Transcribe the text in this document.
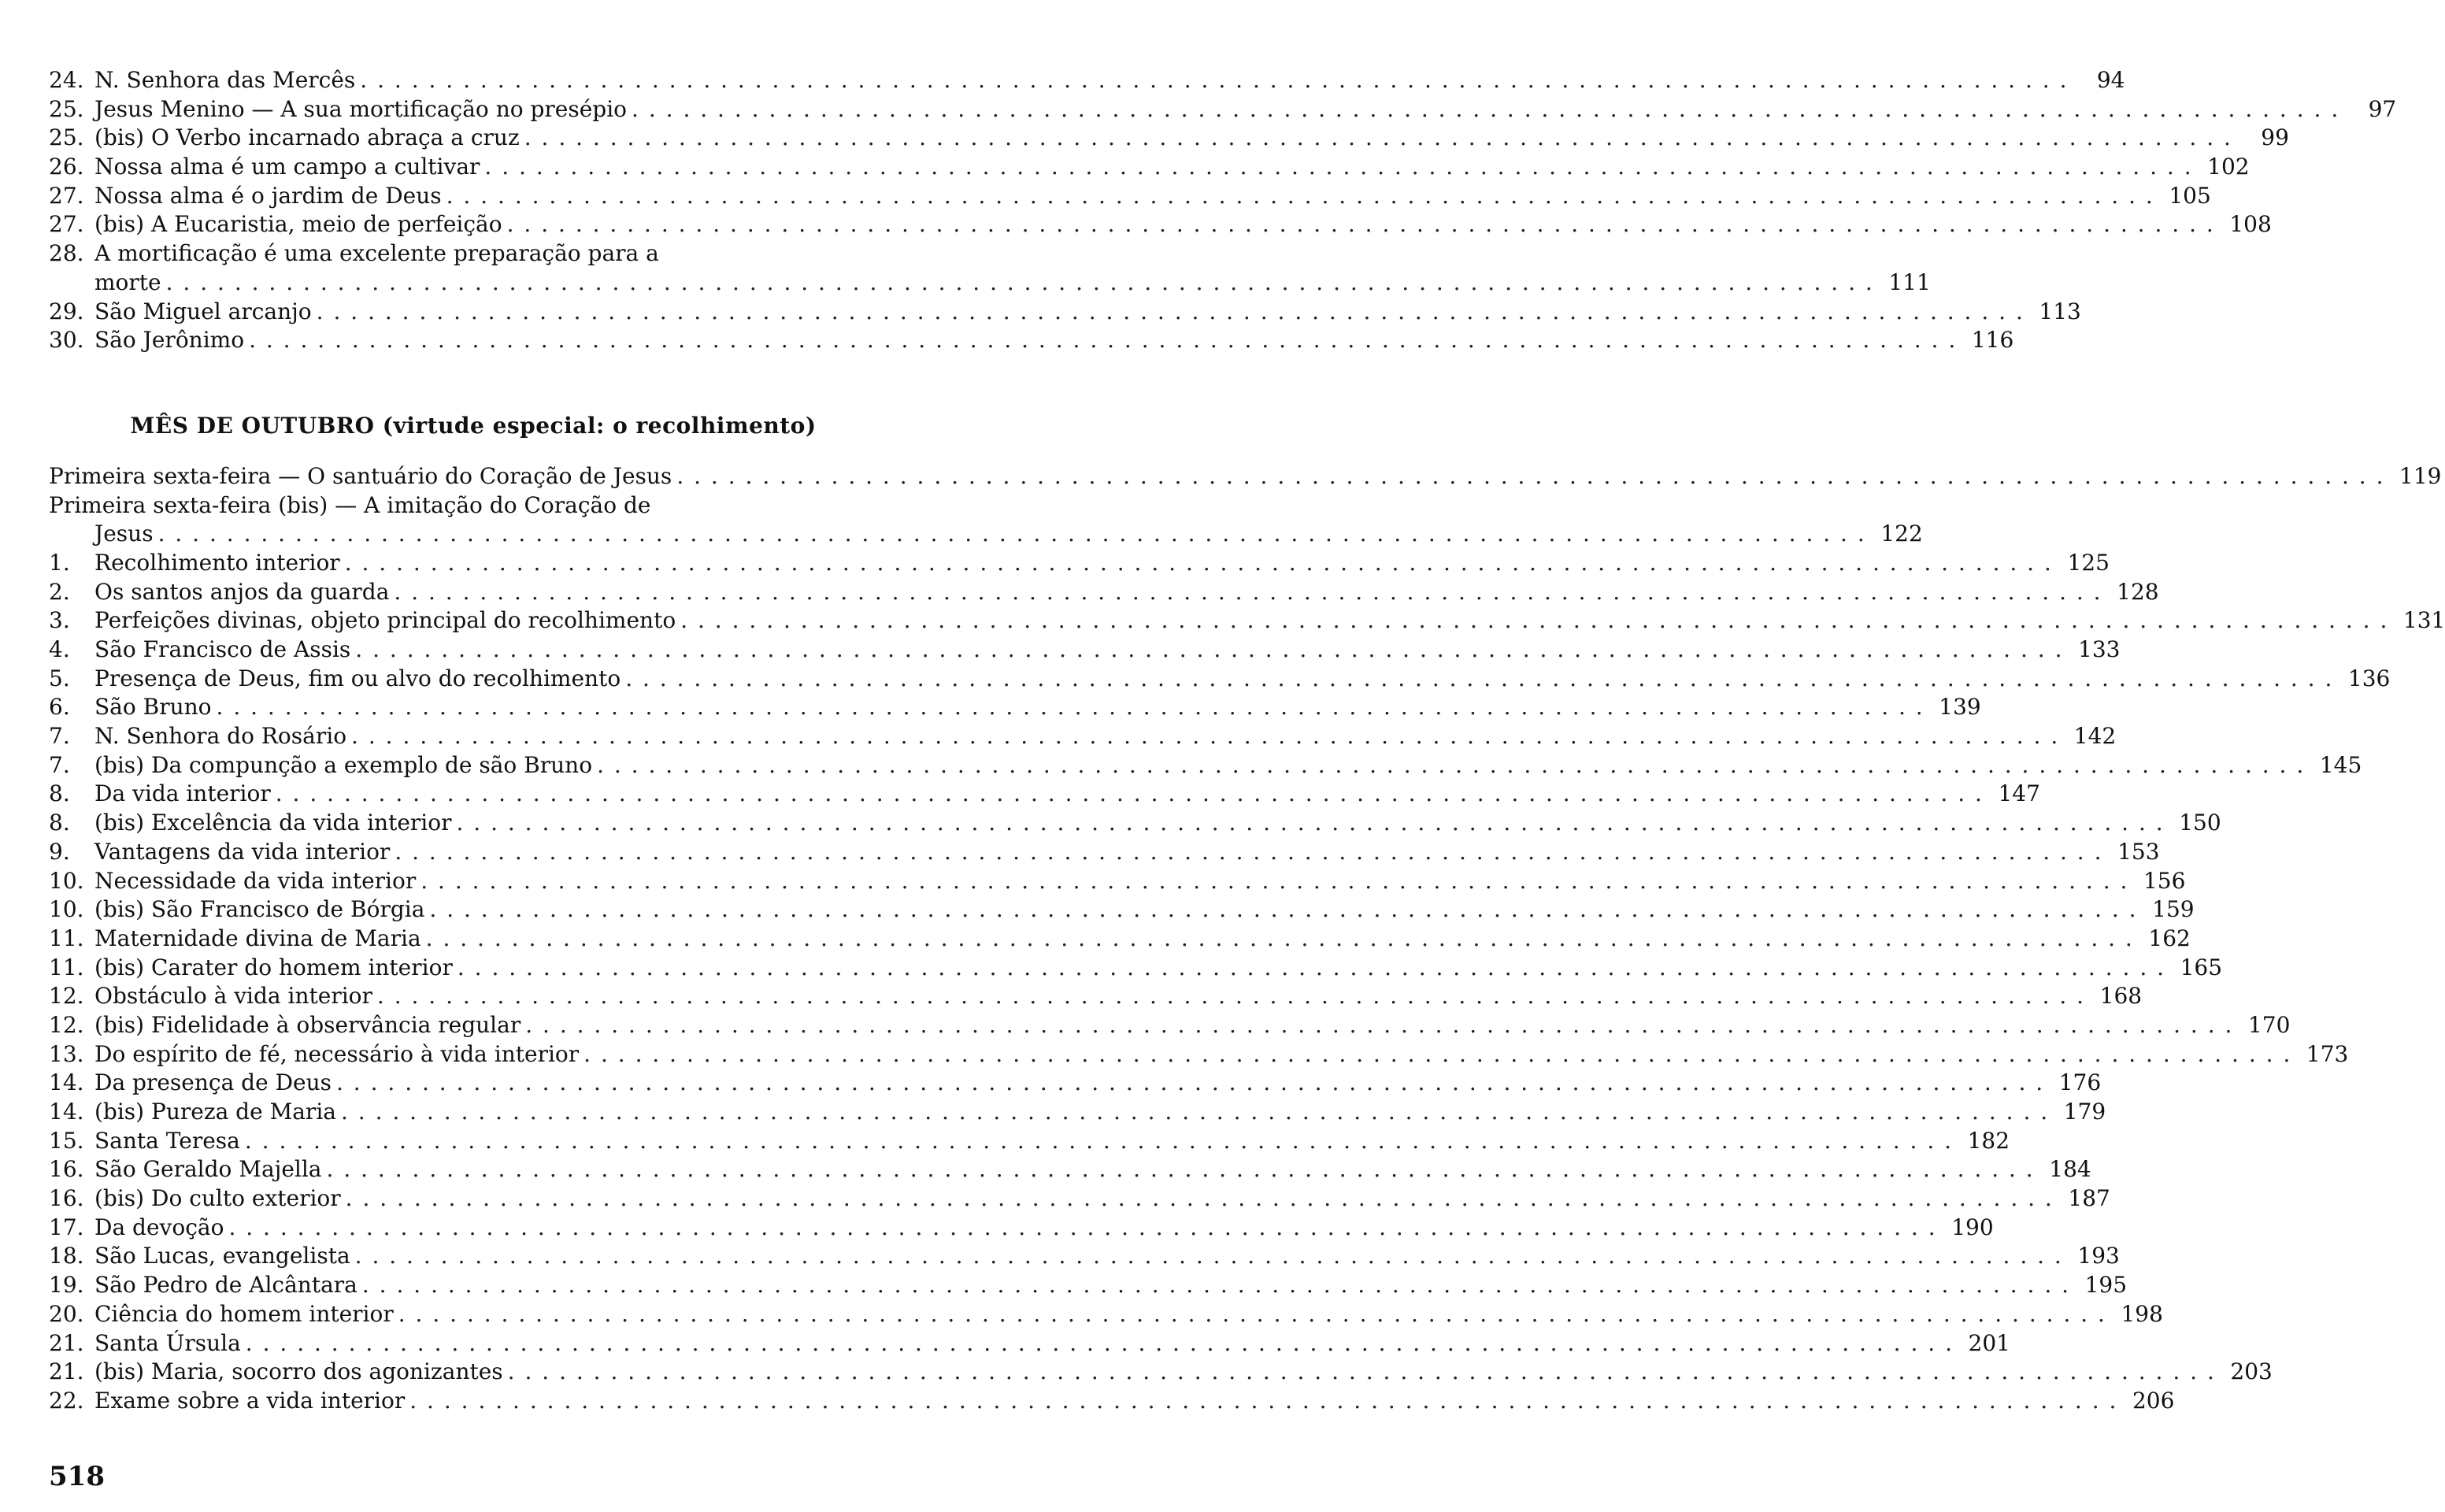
24. N. Senhora das Mercês . . .	94
25. Jesus Menino — A sua mortificação no presépio . . .	97
25. (bis) O Verbo incarnado abraça a cruz . . .	99
26. Nossa alma é um campo a cultivar . . .	102
27. Nossa alma é o jardim de Deus . . .	105
27. (bis) A Eucaristia, meio de perfeição . . .	108
28. A mortificação é uma excelente preparação para a
morte . . .	111
29. São Miguel arcanjo . . .	113
30. São Jerônimo . . .	116
MÊS DE OUTUBRO (virtude especial: o recolhimento)
Primeira sexta-feira — O santuário do Coração de Jesus . . .	119
Primeira sexta-feira (bis) — A imitação do Coração de
Jesus . . .	122
1.	Recolhimento interior . . .	125
2.	Os santos anjos da guarda . . .	128
3.	Perfeições divinas, objeto principal do recolhimento . . .	131
4.	São Francisco de Assis . . .	133
5.	Presença de Deus, fim ou alvo do recolhimento . . .	136
6.	São Bruno . . .	139
7.	N. Senhora do Rosário . . .	142
7.	(bis) Da compunção a exemplo de são Bruno . . .	145
8.	Da vida interior . . .	147
8.	(bis) Excelência da vida interior . . .	150
9.	Vantagens da vida interior . . .	153
10. Necessidade da vida interior . . .	156
10. (bis) São Francisco de Bórgia . . .	159
11. Maternidade divina de Maria . . .	162
11. (bis) Carater do homem interior . . .	165
12. Obstáculo à vida interior . . .	168
12. (bis) Fidelidade à observância regular . . .	170
13. Do espírito de fé, necessário à vida interior . . .	173
14. Da presença de Deus . . .	176
14. (bis) Pureza de Maria . . .	179
15. Santa Teresa . . .	182
16. São Geraldo Majella . . .	184
16. (bis) Do culto exterior . . .	187
17. Da devoção . . .	190
18. São Lucas, evangelista . . .	193
19. São Pedro de Alcântara . . .	195
20. Ciência do homem interior . . .	198
21. Santa Úrsula . . .	201
21. (bis) Maria, socorro dos agonizantes . . .	203
22. Exame sobre a vida interior . . .	206
518
